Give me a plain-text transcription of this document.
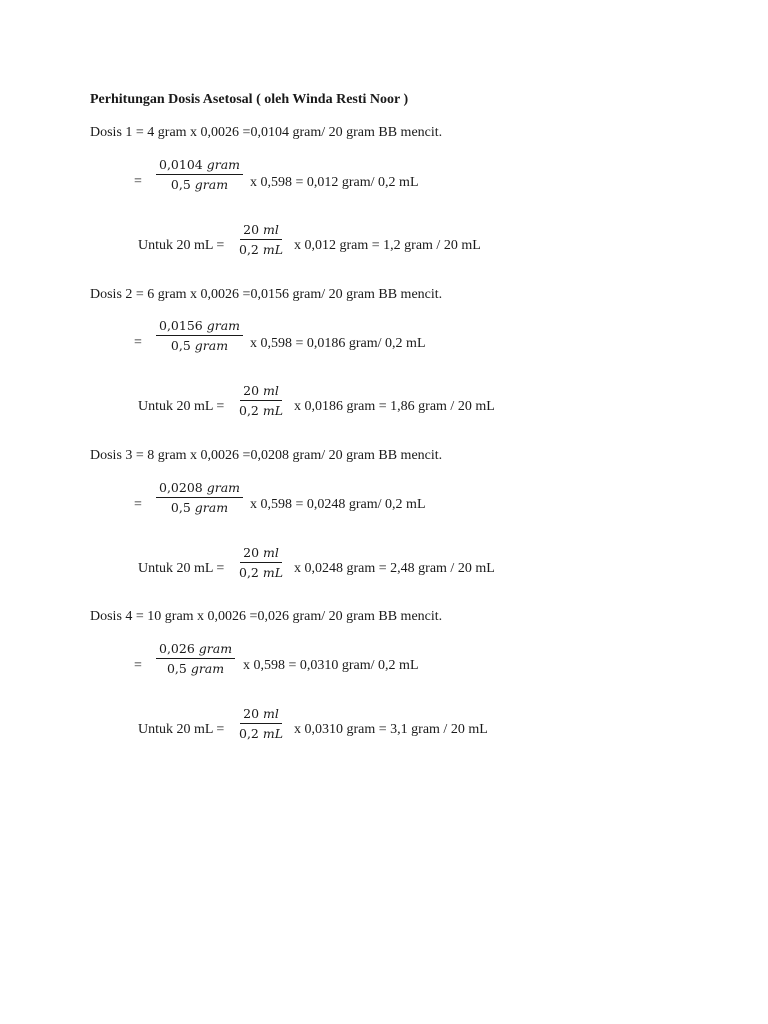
Perhitungan Dosis Asetosal ( oleh Winda Resti Noor )
Dosis 1 = 4 gram x 0,0026 =0,0104 gram/ 20 gram BB mencit.
=
0,0104 gram
0,5 gram x 0,598 = 0,012 gram/ 0,2 mL
Untuk 20 mL = $\frac{20 ml}{0,2 mL}$ x 0,012 gram = 1,2 gram / 20 mL
Dosis 2 = 6 gram x 0,0026 =0,0156 gram/ 20 gram BB mencit.
=
0,0156 gram
0,5 gram x 0,598 = 0,0186 gram/ 0,2 mL
Untuk 20 mL = $\frac{20 ml}{0,2 mL}$ x 0,0186 gram = 1,86 gram / 20 mL
Dosis 3 = 8 gram x 0,0026 =0,0208 gram/ 20 gram BB mencit.
=
0,0208 gram
0,5 gram x 0,598 = 0,0248 gram/ 0,2 mL
Untuk 20 mL = $\frac{20 ml}{0,2 mL}$ x 0,0248 gram = 2,48 gram / 20 mL
Dosis 4 = 10 gram x 0,0026 =0,026 gram/ 20 gram BB mencit.
=
0,026 gram
0,5 gram x 0,598 = 0,0310 gram/ 0,2 mL
Untuk 20 mL = $\frac{20 ml}{0,2 mL}$ x 0,0310 gram = 3,1 gram / 20 mL
